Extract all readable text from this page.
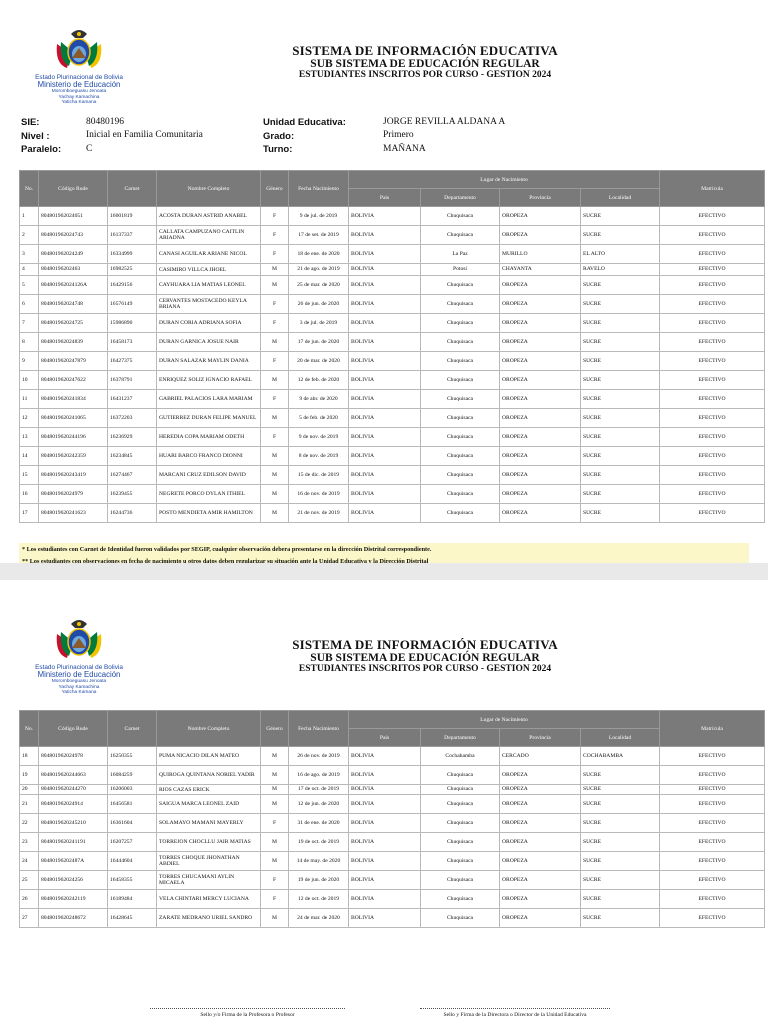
Estado Plurinacional de Bolivia
Ministerio de Educación
Moromboeguasu Jenoata
Yachay Kamachina
Yaticha Kamana
SISTEMA DE INFORMACIÓN EDUCATIVA
SUB SISTEMA DE EDUCACIÓN REGULAR
ESTUDIANTES INSCRITOS POR CURSO - GESTION 2024
SIE:	80480196
Nivel :	Inicial en Familia Comunitaria
Paralelo:	C
Unidad Educativa:	JORGE REVILLA ALDANA A
Grado:	Primero
Turno:	MAÑANA
No.	Código Rude	Carnet	Nombre Completo	Género	Fecha Nacimiento	Lugar de Nacimiento				Matrícula
						País	Departamento	Provincia	Localidad	
1	804801962024051	16001819	ACOSTA DURAN ASTRID ANABEL	F	9 de jul. de 2019	BOLIVIA	Chuquisaca	OROPEZA	SUCRE	EFECTIVO
2	804801962024743	16137337	CALLATA CAMPUZANO CAITLIN ARIADNA	F	17 de set. de 2019	BOLIVIA	Chuquisaca	OROPEZA	SUCRE	EFECTIVO
3	804801962024249	16334999	CANASI AGUILAR ARIANE NICOL	F	18 de ene. de 2020	BOLIVIA	La Paz	MURILLO	EL ALTO	EFECTIVO
4	80480196202463	16982525	CASIMIRO VILLCA JHOEL	M	21 de ago. de 2019	BOLIVIA	Potosí	CHAYANTA	RAVELO	EFECTIVO
5	804801962024126A	16429156	CAYHUARA LIA MATIAS LEONEL	M	25 de mar. de 2020	BOLIVIA	Chuquisaca	OROPEZA	SUCRE	EFECTIVO
6	804801962024748	16576149	CERVANTES MOSTACEDO KEYLA BRIANA	F	26 de jun. de 2020	BOLIVIA	Chuquisaca	OROPEZA	SUCRE	EFECTIVO
7	804801962024725	15986890	DURAN CORIA ADRIANA SOFIA	F	3 de jul. de 2019	BOLIVIA	Chuquisaca	OROPEZA	SUCRE	EFECTIVO
8	804801962024839	16458173	DURAN GARNICA JOSUE NAIR	M	17 de jun. de 2020	BOLIVIA	Chuquisaca	OROPEZA	SUCRE	EFECTIVO
9	8048019620247879	16427375	DURAN SALAZAR MAYLIN DANIA	F	20 de mar. de 2020	BOLIVIA	Chuquisaca	OROPEZA	SUCRE	EFECTIVO
10	8048019620247622	16378791	ENRIQUEZ SOLIZ IGNACIO RAFAEL	M	12 de feb. de 2020	BOLIVIA	Chuquisaca	OROPEZA	SUCRE	EFECTIVO
11	8048019620241834	16431237	GABRIEL PALACIOS LARA MARIAM	F	9 de abr. de 2020	BOLIVIA	Chuquisaca	OROPEZA	SUCRE	EFECTIVO
12	8048019620241065	16372203	GUTIERREZ DURAN FELIPE MANUEL	M	5 de feb. de 2020	BOLIVIA	Chuquisaca	OROPEZA	SUCRE	EFECTIVO
13	8048019620244196	16236929	HEREDIA COPA MARIAM ODETH	F	9 de nov. de 2019	BOLIVIA	Chuquisaca	OROPEZA	SUCRE	EFECTIVO
14	8048019620242359	16234845	HUARI BARCO FRANCO DIONNI	M	8 de nov. de 2019	BOLIVIA	Chuquisaca	OROPEZA	SUCRE	EFECTIVO
15	8048019620243419	16274467	MARCANI CRUZ EDILSON DAVID	M	15 de dic. de 2019	BOLIVIA	Chuquisaca	OROPEZA	SUCRE	EFECTIVO
16	804801962024979	16239455	NEGRETE PORCO DYLAN ITHIEL	M	16 de nov. de 2019	BOLIVIA	Chuquisaca	OROPEZA	SUCRE	EFECTIVO
17	8048019620241623	16244736	POSTO MENDIETA AMIR HAMILTON	M	21 de nov. de 2019	BOLIVIA	Chuquisaca	OROPEZA	SUCRE	EFECTIVO
* Los estudiantes con Carnet de Identidad fueron validados por SEGIP, cualquier observación debera presentarse en la dirección Distrital correspondiente.
** Los estudiantes con observaciones en fecha de nacimiento u otros datos deben regularizar su situación ante la Unidad Educativa y la Dirección Distrital
Estado Plurinacional de Bolivia
Ministerio de Educación
Moromboeguasu Jenoata
Yachay Kamachina
Yaticha Kamana
SISTEMA DE INFORMACIÓN EDUCATIVA
SUB SISTEMA DE EDUCACIÓN REGULAR
ESTUDIANTES INSCRITOS POR CURSO - GESTION 2024
No.	Código Rude	Carnet	Nombre Completo	Género	Fecha Nacimiento	Lugar de Nacimiento				Matrícula
						País	Departamento	Provincia	Localidad	
18	804801962024978	16250355	PUMA NICACIO DILAN MATEO	M	26 de nov. de 2019	BOLIVIA	Cochabamba	CERCADO	COCHABAMBA	EFECTIVO
19	8048019620244663	16084259	QUIROGA QUINTANA NORIEL YADIR	M	16 de ago. de 2019	BOLIVIA	Chuquisaca	OROPEZA	SUCRE	EFECTIVO
20	8048019620244270	16206003	RIOS CAZAS ERICK	M	17 de oct. de 2019	BOLIVIA	Chuquisaca	OROPEZA	SUCRE	EFECTIVO
21	804801962024914	16456581	SAIGUA MARCA LEONEL ZAID	M	12 de jun. de 2020	BOLIVIA	Chuquisaca	OROPEZA	SUCRE	EFECTIVO
22	8048019620245210	16361604	SOLAMAYO MAMANI MAYERLY	F	31 de ene. de 2020	BOLIVIA	Chuquisaca	OROPEZA	SUCRE	EFECTIVO
23	8048019620241191	16207257	TORREJON CHOCLLU JAIR MATIAS	M	19 de oct. de 2019	BOLIVIA	Chuquisaca	OROPEZA	SUCRE	EFECTIVO
24	80480196202487A	16444604	TORRES CHOQUE JHONATHAN ABDIEL	M	14 de may. de 2020	BOLIVIA	Chuquisaca	OROPEZA	SUCRE	EFECTIVO
25	804801962024256	16458355	TORRES CHUCAMANI AYLIN MICAELA	F	19 de jun. de 2020	BOLIVIA	Chuquisaca	OROPEZA	SUCRE	EFECTIVO
26	8048019620242119	16189484	VELA CHINTARI MERCY LUCIANA	F	12 de oct. de 2019	BOLIVIA	Chuquisaca	OROPEZA	SUCRE	EFECTIVO
27	8048019620248672	16428645	ZARATE MEDRANO URIEL SANDRO	M	24 de mar. de 2020	BOLIVIA	Chuquisaca	OROPEZA	SUCRE	EFECTIVO
Sello y/o Firma de la Profesora o Profesor	Sello y Firma de la Directora o Director de la Unidad Educativa
